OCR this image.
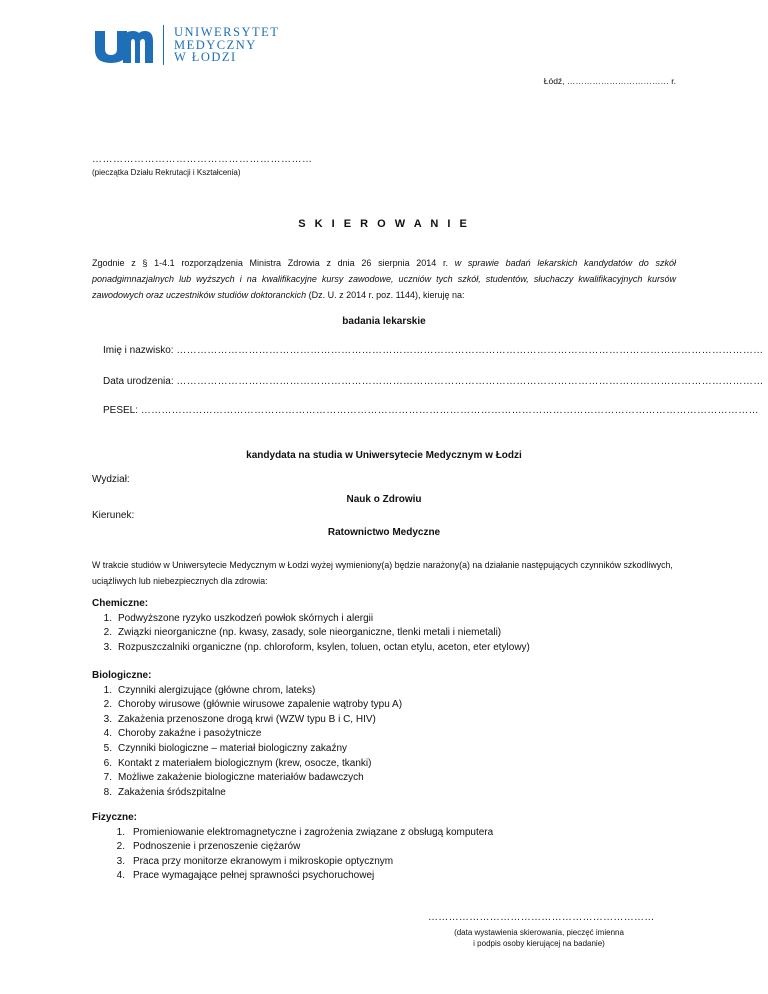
UNIWERSYTET
MEDYCZNY
W ŁODZI
Łódź, ……………………………… r.
………………………………………………………
(pieczątka Działu Rekrutacji i Kształcenia)
S K I E R O W A N I E
Zgodnie z § 1-4.1 rozporządzenia Ministra Zdrowia z dnia 26 sierpnia 2014 r. w sprawie badań lekarskich kandydatów do szkół ponadgimnazjalnych lub wyższych i na kwalifikacyjne kursy zawodowe, uczniów tych szkół, studentów, słuchaczy kwalifikacyjnych kursów zawodowych oraz uczestników studiów doktoranckich (Dz. U. z 2014 r. poz. 1144), kieruję na:
badania lekarskie
Imię i nazwisko: ………………………………………………………………………………………………………………………………………………………
Data urodzenia: ………………………………………………………………………………………………………………………………………………………
PESEL: ………………………………………………………………………………………………………………………………………………………………
kandydata na studia w Uniwersytecie Medycznym w Łodzi
Wydział:
Nauk o Zdrowiu
Kierunek:
Ratownictwo Medyczne
W trakcie studiów w Uniwersytecie Medycznym w Łodzi wyżej wymieniony(a) będzie narażony(a) na działanie następujących czynników szkodliwych, uciążliwych lub niebezpiecznych dla zdrowia:
Chemiczne:
1. Podwyższone ryzyko uszkodzeń powłok skórnych i alergii
2. Związki nieorganiczne (np. kwasy, zasady, sole nieorganiczne, tlenki metali i niemetali)
3. Rozpuszczalniki organiczne (np. chloroform, ksylen, toluen, octan etylu, aceton, eter etylowy)
Biologiczne:
1. Czynniki alergizujące (główne chrom, lateks)
2. Choroby wirusowe (głównie wirusowe zapalenie wątroby typu A)
3. Zakażenia przenoszone drogą krwi (WZW typu B i C, HIV)
4. Choroby zakaźne i pasożytnicze
5. Czynniki biologiczne – materiał biologiczny zakaźny
6. Kontakt z materiałem biologicznym (krew, osocze, tkanki)
7. Możliwe zakażenie biologiczne materiałów badawczych
8. Zakażenia śródszpitalne
Fizyczne:
1. Promieniowanie elektromagnetyczne i zagrożenia związane z obsługą komputera
2. Podnoszenie i przenoszenie ciężarów
3. Praca przy monitorze ekranowym i mikroskopie optycznym
4. Prace wymagające pełnej sprawności psychoruchowej
…………………………………………………………
(data wystawienia skierowania, pieczęć imienna
i podpis osoby kierującej na badanie)
